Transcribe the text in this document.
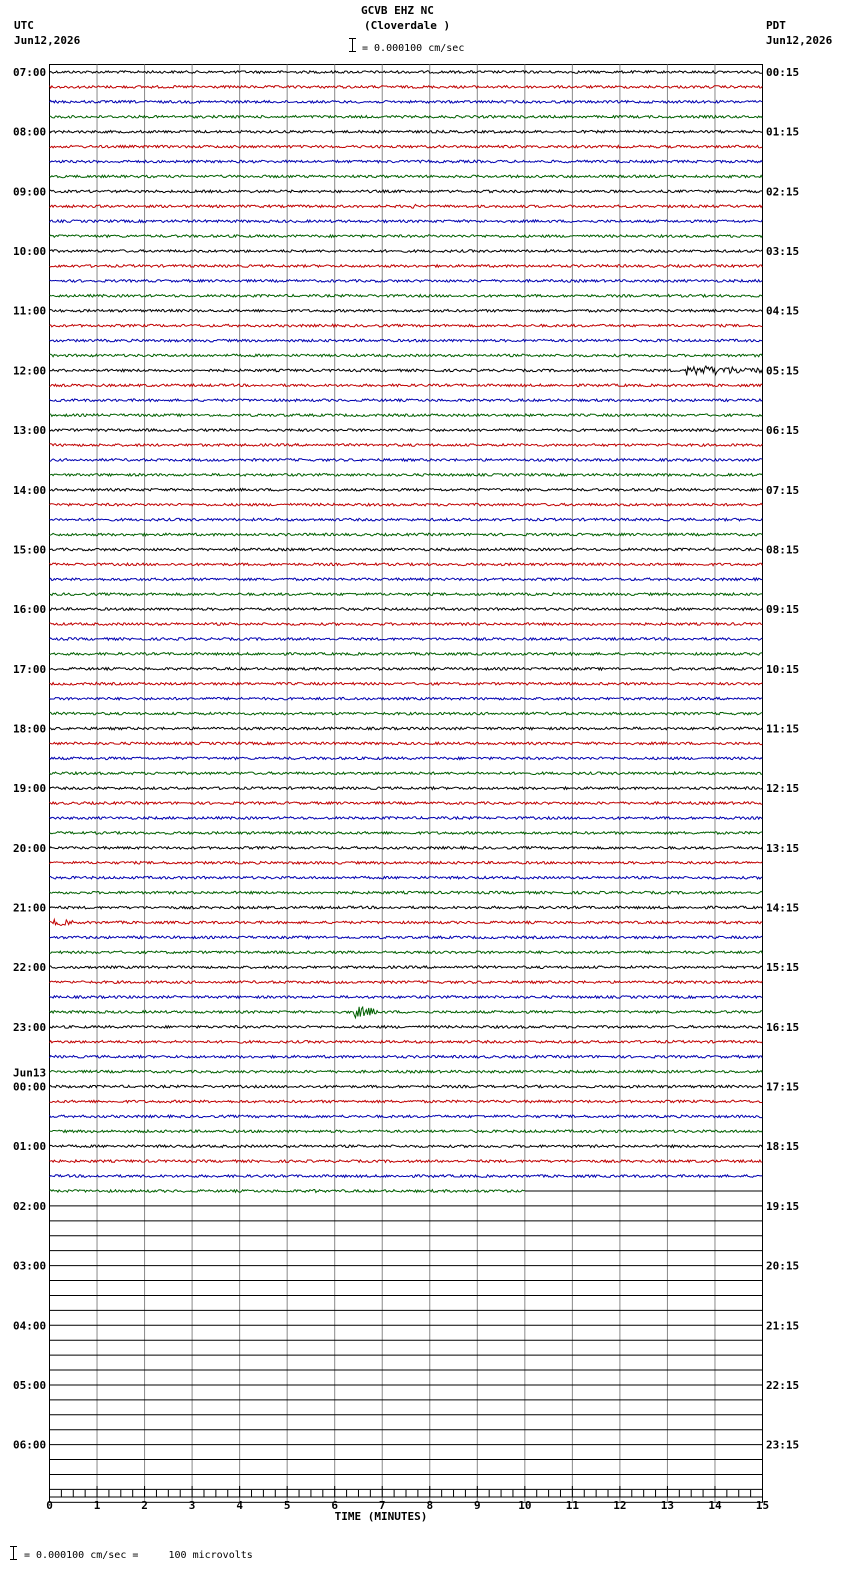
GCVB EHZ NC
(Cloverdale )
= 0.000100 cm/sec
UTC
Jun12,2026
PDT
Jun12,2026
07:00
08:00
09:00
10:00
11:00
12:00
13:00
14:00
15:00
16:00
17:00
18:00
19:00
20:00
21:00
22:00
23:00
00:00
Jun13
01:00
02:00
03:00
04:00
05:00
06:00
00:15
01:15
02:15
03:15
04:15
05:15
06:15
07:15
08:15
09:15
10:15
11:15
12:15
13:15
14:15
15:15
16:15
17:15
18:15
19:15
20:15
21:15
22:15
23:15
0	1	2	3	4	5	6	7	8	9	10	11	12	13	14	15
TIME (MINUTES)
= 0.000100 cm/sec =     100 microvolts
